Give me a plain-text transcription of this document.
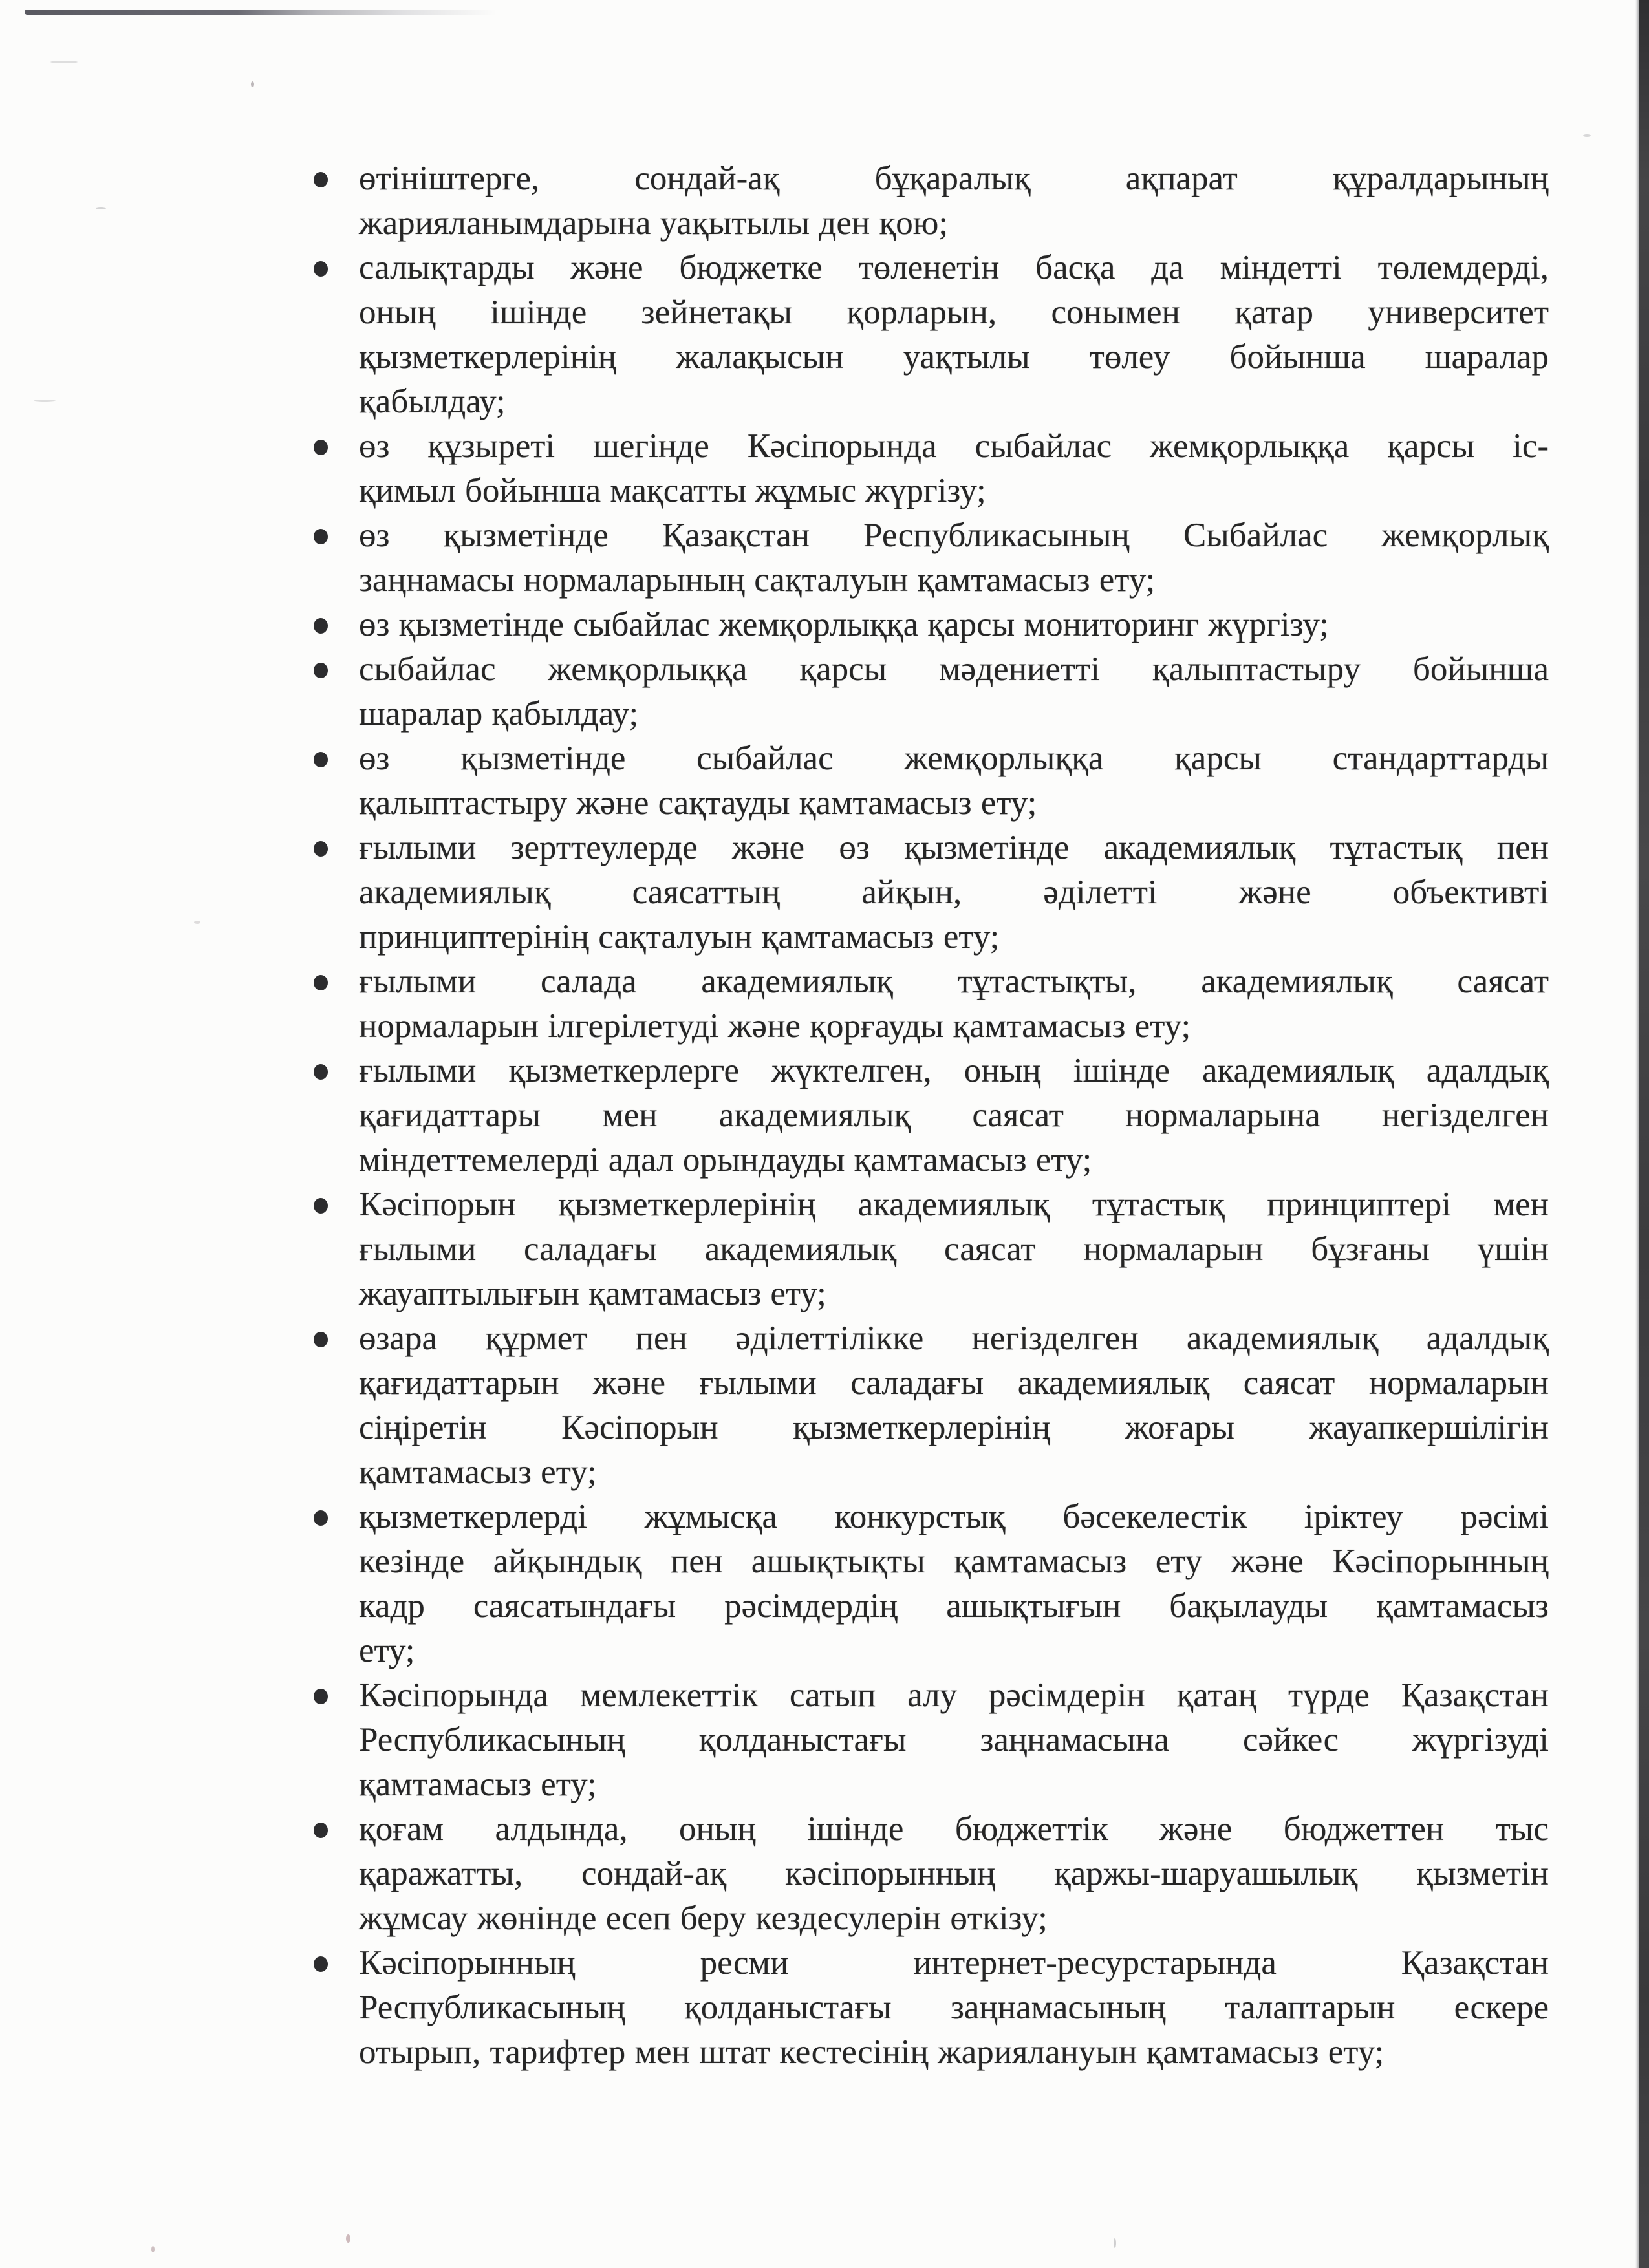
өтініштерге, сондай-ақ бұқаралық ақпарат құралдарының
жарияланымдарына уақытылы ден қою;
салықтарды және бюджетке төленетін басқа да міндетті төлемдерді,
оның ішінде зейнетақы қорларын, сонымен қатар университет
қызметкерлерінің жалақысын уақтылы төлеу бойынша шаралар
қабылдау;
өз құзыреті шегінде Кәсіпорында сыбайлас жемқорлыққа қарсы іс-
қимыл бойынша мақсатты жұмыс жүргізу;
өз қызметінде Қазақстан Республикасының Сыбайлас жемқорлық
заңнамасы нормаларының сақталуын қамтамасыз ету;
өз қызметінде сыбайлас жемқорлыққа қарсы мониторинг жүргізу;
сыбайлас жемқорлыққа қарсы мәдениетті қалыптастыру бойынша
шаралар қабылдау;
өз қызметінде сыбайлас жемқорлыққа қарсы стандарттарды
қалыптастыру және сақтауды қамтамасыз ету;
ғылыми зерттеулерде және өз қызметінде академиялық тұтастық пен
академиялық саясаттың айқын, әділетті және объективті
принциптерінің сақталуын қамтамасыз ету;
ғылыми салада академиялық тұтастықты, академиялық саясат
нормаларын ілгерілетуді және қорғауды қамтамасыз ету;
ғылыми қызметкерлерге жүктелген, оның ішінде академиялық адалдық
қағидаттары мен академиялық саясат нормаларына негізделген
міндеттемелерді адал орындауды қамтамасыз ету;
Кәсіпорын қызметкерлерінің академиялық тұтастық принциптері мен
ғылыми саладағы академиялық саясат нормаларын бұзғаны үшін
жауаптылығын қамтамасыз ету;
өзара құрмет пен әділеттілікке негізделген академиялық адалдық
қағидаттарын және ғылыми саладағы академиялық саясат нормаларын
сіңіретін Кәсіпорын қызметкерлерінің жоғары жауапкершілігін
қамтамасыз ету;
қызметкерлерді жұмысқа конкурстық бәсекелестік іріктеу рәсімі
кезінде айқындық пен ашықтықты қамтамасыз ету және Кәсіпорынның
кадр саясатындағы рәсімдердің ашықтығын бақылауды қамтамасыз
ету;
Кәсіпорында мемлекеттік сатып алу рәсімдерін қатаң түрде Қазақстан
Республикасының қолданыстағы заңнамасына сәйкес жүргізуді
қамтамасыз ету;
қоғам алдында, оның ішінде бюджеттік және бюджеттен тыс
қаражатты, сондай-ақ кәсіпорынның қаржы-шаруашылық қызметін
жұмсау жөнінде есеп беру кездесулерін өткізу;
Кәсіпорынның ресми интернет-ресурстарында Қазақстан
Республикасының қолданыстағы заңнамасының талаптарын ескере
отырып, тарифтер мен штат кестесінің жариялануын қамтамасыз ету;
